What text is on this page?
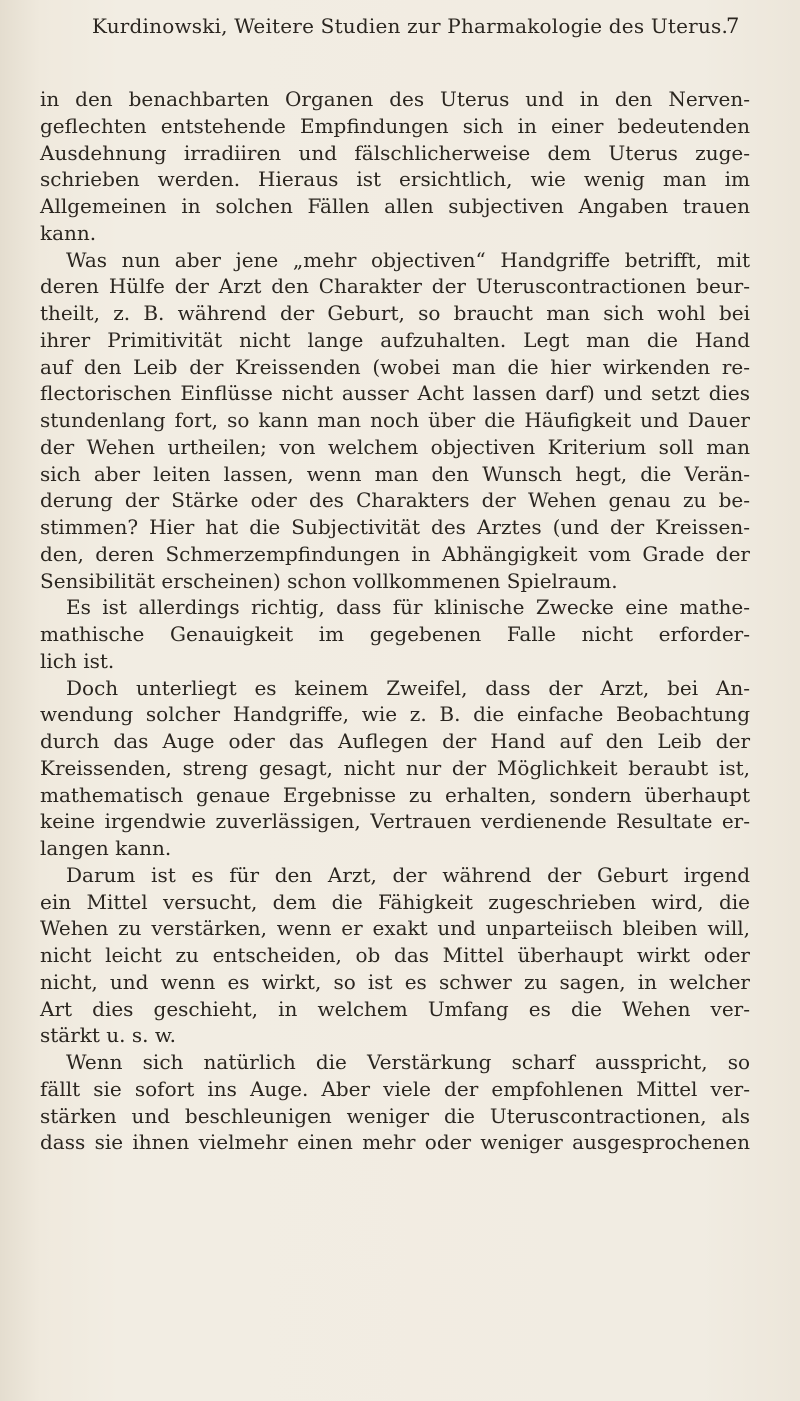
Kurdinowski, Weitere Studien zur Pharmakologie des Uterus.
7
in den benachbarten Organen des Uterus und in den Nerven-
geflechten entstehende Empfindungen sich in einer bedeutenden
Ausdehnung irradiiren und fälschlicherweise dem Uterus zuge-
schrieben werden. Hieraus ist ersichtlich, wie wenig man im
Allgemeinen in solchen Fällen allen subjectiven Angaben trauen
kann.
Was nun aber jene „mehr objectiven“ Handgriffe betrifft, mit
deren Hülfe der Arzt den Charakter der Uteruscontractionen beur-
theilt, z. B. während der Geburt, so braucht man sich wohl bei
ihrer Primitivität nicht lange aufzuhalten. Legt man die Hand
auf den Leib der Kreissenden (wobei man die hier wirkenden re-
flectorischen Einflüsse nicht ausser Acht lassen darf) und setzt dies
stundenlang fort, so kann man noch über die Häufigkeit und Dauer
der Wehen urtheilen; von welchem objectiven Kriterium soll man
sich aber leiten lassen, wenn man den Wunsch hegt, die Verän-
derung der Stärke oder des Charakters der Wehen genau zu be-
stimmen? Hier hat die Subjectivität des Arztes (und der Kreissen-
den, deren Schmerzempfindungen in Abhängigkeit vom Grade der
Sensibilität erscheinen) schon vollkommenen Spielraum.
Es ist allerdings richtig, dass für klinische Zwecke eine mathe-
mathische Genauigkeit im gegebenen Falle nicht erforder-
lich ist.
Doch unterliegt es keinem Zweifel, dass der Arzt, bei An-
wendung solcher Handgriffe, wie z. B. die einfache Beobachtung
durch das Auge oder das Auflegen der Hand auf den Leib der
Kreissenden, streng gesagt, nicht nur der Möglichkeit beraubt ist,
mathematisch genaue Ergebnisse zu erhalten, sondern überhaupt
keine irgendwie zuverlässigen, Vertrauen verdienende Resultate er-
langen kann.
Darum ist es für den Arzt, der während der Geburt irgend
ein Mittel versucht, dem die Fähigkeit zugeschrieben wird, die
Wehen zu verstärken, wenn er exakt und unparteiisch bleiben will,
nicht leicht zu entscheiden, ob das Mittel überhaupt wirkt oder
nicht, und wenn es wirkt, so ist es schwer zu sagen, in welcher
Art dies geschieht, in welchem Umfang es die Wehen ver-
stärkt u. s. w.
Wenn sich natürlich die Verstärkung scharf ausspricht, so
fällt sie sofort ins Auge. Aber viele der empfohlenen Mittel ver-
stärken und beschleunigen weniger die Uteruscontractionen, als
dass sie ihnen vielmehr einen mehr oder weniger ausgesprochenen
